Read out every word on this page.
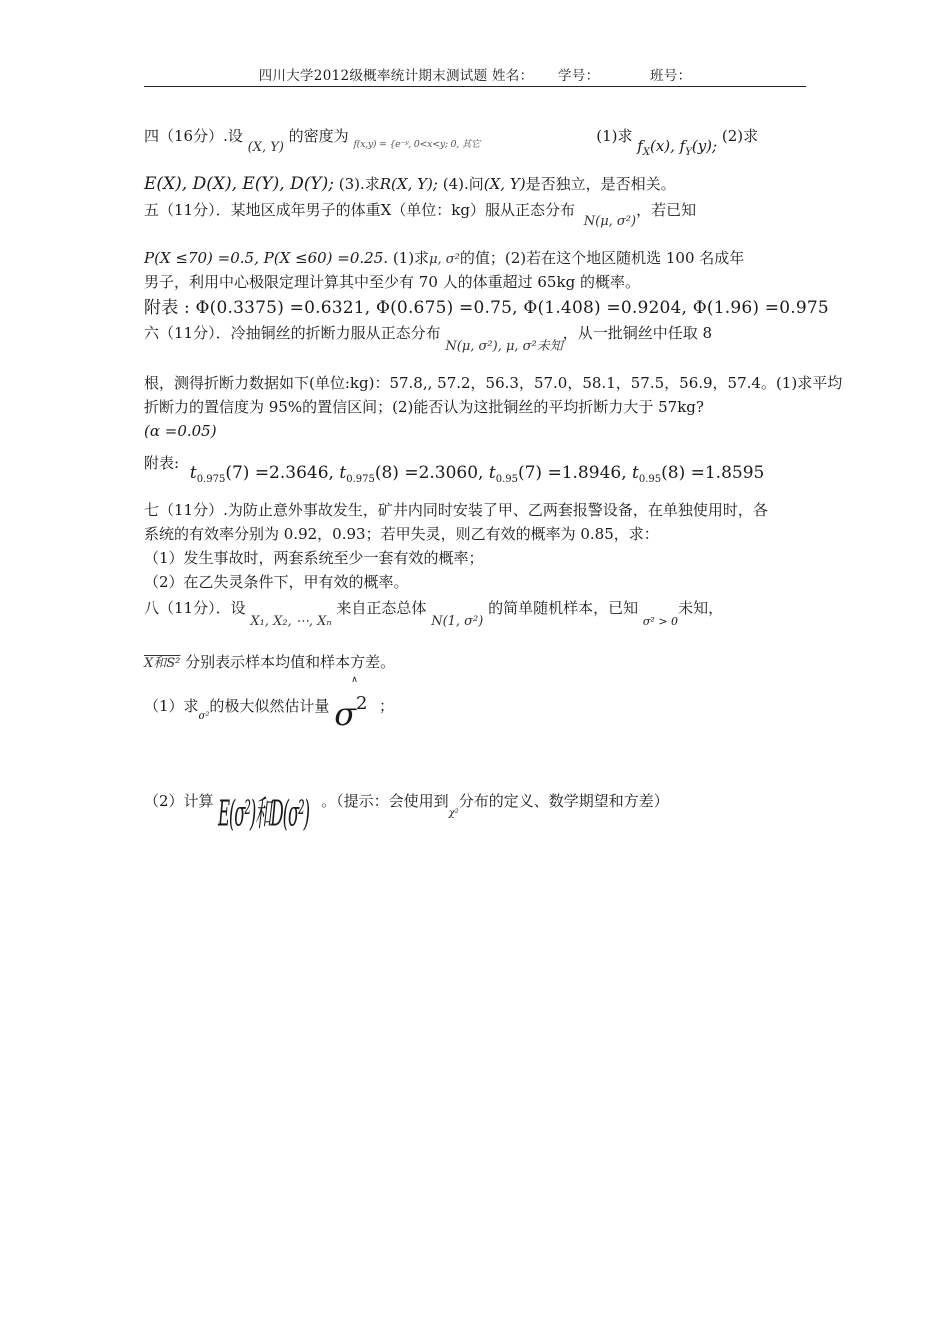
四川大学2012级概率统计期末测试题 姓名： 学号：	班号：
四（16分）.设 (X, Y) 的密度为 f(x,y) = {e⁻ʸ, 0<x<y; 0, 其它	(1)求 $f_X(x)$, $f_Y(y)$; (2)求
E(X), D(X), E(Y), D(Y); (3).求R(X, Y); (4).问(X, Y)是否独立，是否相关。
五（11分）．某地区成年男子的体重X（单位：kg）服从正态分布 N(μ, σ²)，若已知
P(X ≤70) =0.5, P(X ≤60) =0.25. (1)求μ, σ²的值；(2)若在这个地区随机选 100 名成年
男子，利用中心极限定理计算其中至少有 70 人的体重超过 65kg 的概率。
附表 : Φ(0.3375) =0.6321, Φ(0.675) =0.75, Φ(1.408) =0.9204, Φ(1.96) =0.975
六（11分）．冷抽铜丝的折断力服从正态分布 N(μ, σ²), μ, σ²未知，从一批铜丝中任取 8
根，测得折断力数据如下(单位:kg)：57.8,, 57.2，56.3，57.0，58.1，57.5，56.9，57.4。(1)求平均
折断力的置信度为 95%的置信区间；(2)能否认为这批铜丝的平均折断力大于 57kg?
(α =0.05)
附表: $t_{0.975}(7) =2.3646$, $t_{0.975}(8) =2.3060$, $t_{0.95}(7) =1.8946$, $t_{0.95}(8) =1.8595$
七（11分）.为防止意外事故发生，矿井内同时安装了甲、乙两套报警设备，在单独使用时，各
系统的有效率分别为 0.92，0.93；若甲失灵，则乙有效的概率为 0.85，求：
（1）发生事故时，两套系统至少一套有效的概率；
（2）在乙失灵条件下，甲有效的概率。
八（11分）．设 X₁, X₂, ⋯, Xₙ 来自正态总体 N(1, σ²) 的简单随机样本，已知 $_{\sigma^2 > 0}$未知，
X和S² 分别表示样本均值和样本方差。
（1）求$_{\sigma^2}$的极大似然估计量
∧
σ2 ；
（2）计算 E(σ²)和D(σ²) 。（提示：会使用到$_{\chi^2}$分布的定义、数学期望和方差）
